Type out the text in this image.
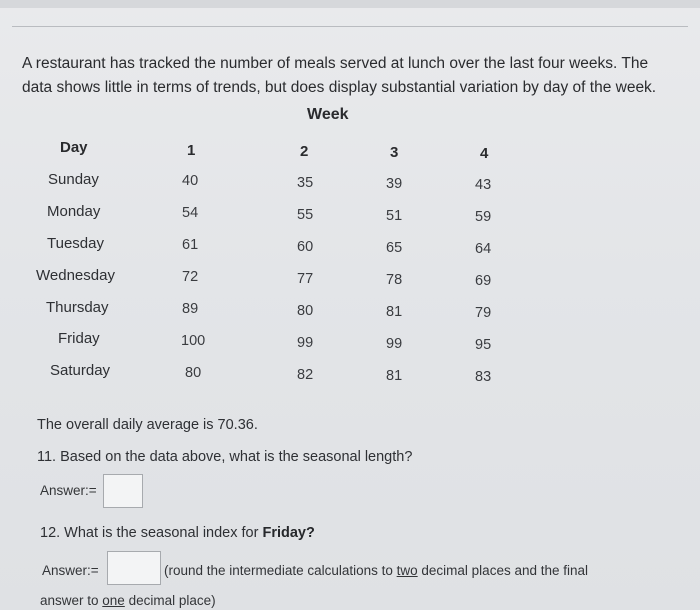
A restaurant has tracked the number of meals served at lunch over the last four weeks. The
data shows little in terms of trends, but does display substantial variation by day of the week.
Week
Day	1	2	3	4
Sunday	40	35	39	43
Monday	54	55	51	59
Tuesday	61	60	65	64
Wednesday	72	77	78	69
Thursday	89	80	81	79
Friday	100	99	99	95
Saturday	80	82	81	83
The overall daily average is 70.36.
11. Based on the data above, what is the seasonal length?
Answer:=
12. What is the seasonal index for Friday?
Answer:=	(round the intermediate calculations to two decimal places and the final
answer to one decimal place)
